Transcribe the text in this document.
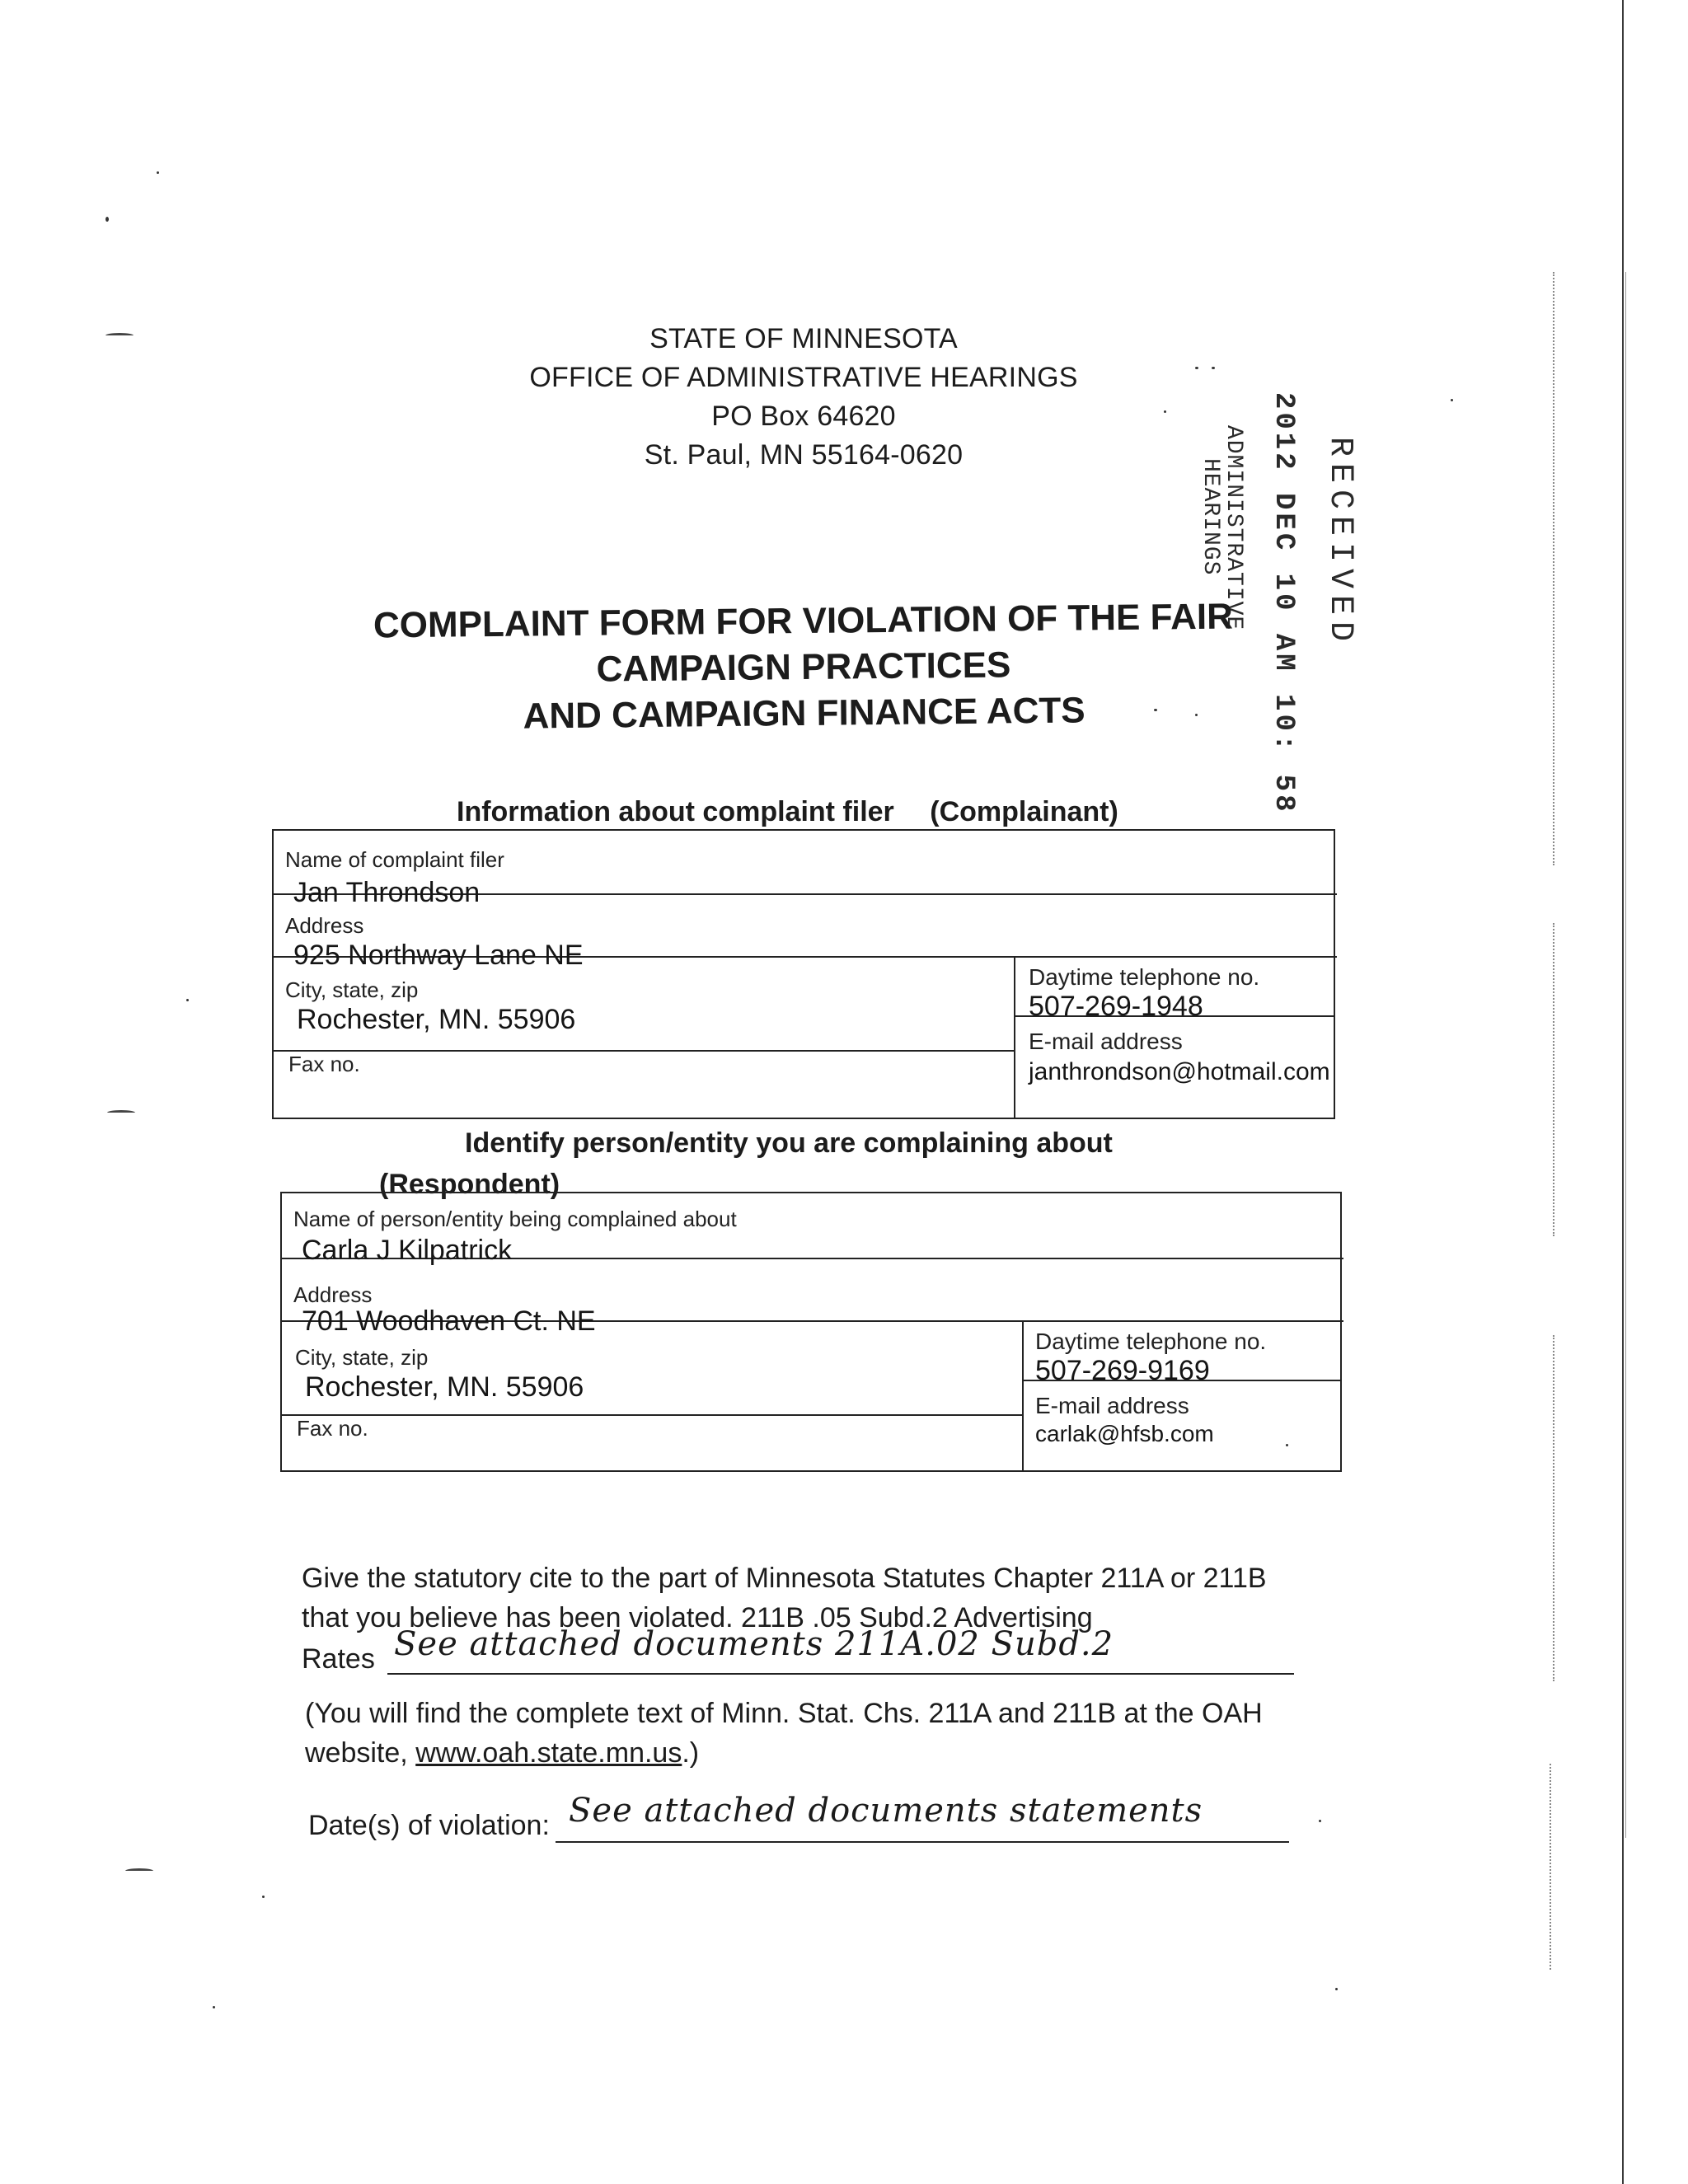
STATE OF MINNESOTA
OFFICE OF ADMINISTRATIVE HEARINGS
PO Box 64620
St. Paul, MN 55164-0620	RECEIVED
2012 DEC 10 AM 10: 58
ADMINISTRATIVE
HEARINGS
COMPLAINT FORM FOR VIOLATION OF THE FAIR
CAMPAIGN PRACTICES
AND CAMPAIGN FINANCE ACTS
Information about complaint filer (Complainant)
Name of complaint filer
Jan Throndson
Address
925 Northway Lane NE
City, state, zip
Rochester, MN. 55906
Fax no.
Daytime telephone no.
507-269-1948
E-mail address
janthrondson@hotmail.com
Identify person/entity you are complaining about
(Respondent)
Name of person/entity being complained about
Carla J Kilpatrick
Address
701 Woodhaven Ct. NE
City, state, zip
Rochester, MN. 55906
Fax no.
Daytime telephone no.
507-269-9169
E-mail address
carlak@hfsb.com
Give the statutory cite to the part of Minnesota Statutes Chapter 211A or 211B
that you believe has been violated. 211B .05 Subd.2 Advertising
Rates See attached documents 211A.02 Subd.2
(You will find the complete text of Minn. Stat. Chs. 211A and 211B at the OAH
website, www.oah.state.mn.us.)
Date(s) of violation: See attached documents statements
